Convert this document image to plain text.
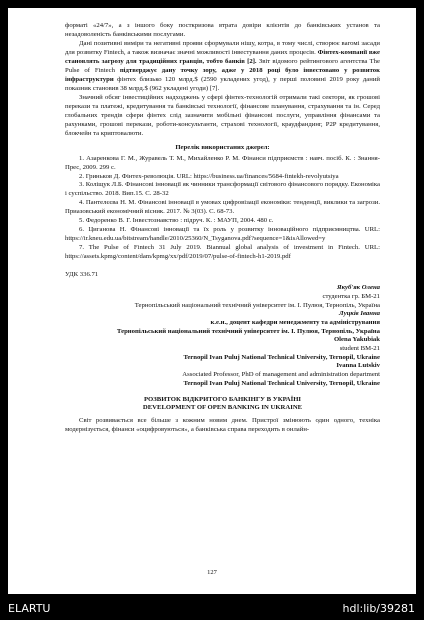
форматі «24/7», а з іншого боку посткризова втрата довіри клієнтів до банківських установ та незадоволеність банківськими послугами.

Дані позитивні виміри та негативні прояви сформували нішу, котра, в тому числі, створює вагомі засади для розвитку Fintech, а також визначає значні можливості інвестування даних процесів. Фінтех-компанії вже становлять загрозу для традиційних гравців, тобто банків [2]. Звіт відомого рейтингового агентства The Pulse of Fintech підтверджує дану точку зору, адже у 2018 році було інвестовано у розвиток інфраструктури фінтех близько 120 млрд.$ (2590 укладених угод), у перші половині 2019 року даний показник становив 38 млрд.$ (962 укладені угоди) [7].

Значний обсяг інвестиційних надходжень у сфері фінтех-технологій отримали такі сектори, як грошові перекази та платежі, кредитування та банківські технології, фінансове планування, страхування та ін. Серед глобальних трендів сфери фінтех слід зазначити мобільні фінансові послуги, управління фінансами та рахунками, грошові перекази, роботи-консультанти, страхові технології, краудфандинг, P2P кредитування, блокчейн та криптовалюти.

Перелік використаних джерел:

1. Азаренкова Г. М., Журавель Т. М., Михайленко Р. М. Фінанси підприємств : навч. посіб. К. : Знання-Прес, 2009. 299 с.

2. Гриньков Д. Фінтех-революція. URL: https://business.ua/finances/5684-fintekh-revolyutsiya

3. Коліщук Л.Б. Фінансові інновації як чинники трансформації світового фінансового порядку. Економіка і суспільство. 2018. Вип.15. С. 28-32

4. Пантелєєва Н. М. Фінансові інновації в умовах цифровізації економіки: тенденції, виклики та загрози. Приазовський економічний вісник. 2017. № 3(03). С. 68-73.

5. Федоренко В. Г. Інвестознавство : підруч. К. : МАУП, 2004. 480 с.

6. Циганова Н. Фінансові інновації та їх роль у розвитку інноваційного підприємництва. URL: https://ir.kneu.edu.ua/bitstream/handle/2010/25360/N_Tsyganova.pdf?sequence=1&isAllowed=y

7. The Pulse of Fintech 31 July 2019. Biannual global analysis of investment in Fintech. URL: https://assets.kpmg/content/dam/kpmg/xx/pdf/2019/07/pulse-of-fintech-h1-2019.pdf

УДК 336.71

Якуб'як Олена

студентка гр. БМ-21

Тернопільський національний технічний університет ім. І. Пулюя, Тернопіль, Україна

Луцків Іванна

к.е.н., доцент кафедри менеджменту та адміністрування

Тернопільський національний технічний університет ім. І. Пулюя, Тернопіль, Україна

Olena Yakubiak

student BM-21

Ternopil Ivan Puluj National Technical University, Ternopil, Ukraine

Ivanna Lutskiv

Associated Professor, PhD of management and administration department

Ternopil Ivan Puluj National Technical University, Ternopil, Ukraine

РОЗВИТОК ВІДКРИТОГО БАНКІНГУ В УКРАЇНІ
DEVELOPMENT OF OPEN BANKING IN UKRAINE

Світ розвивається все більше з кожним новим днем. Пристрої змінюють один одного, техніка модернізується, фінанси «оцифровуються», а банківська справа переходить в онлайн-

127
ELARTU	hdl:lib/39281
